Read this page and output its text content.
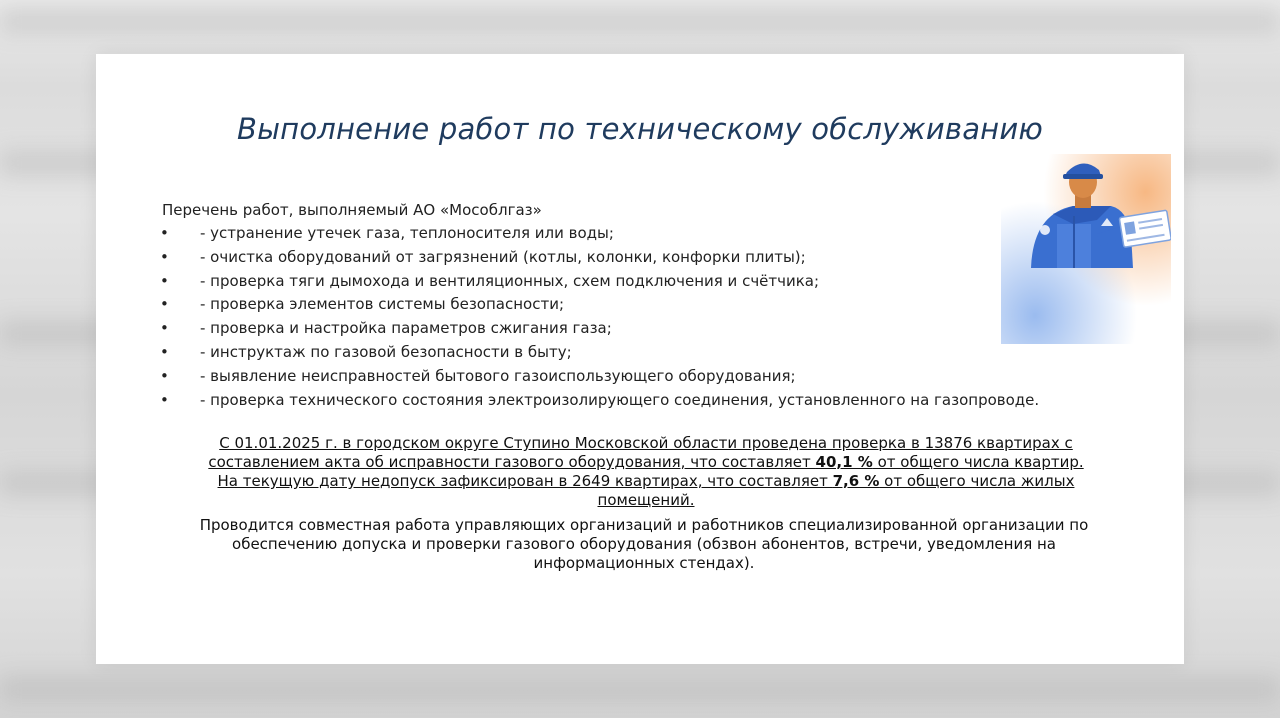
Выполнение работ по техническому обслуживанию
Перечень работ, выполняемый АО «Мособлгаз»
• - устранение утечек газа, теплоносителя или воды;
• - очистка оборудований от загрязнений (котлы, колонки, конфорки плиты);
• - проверка тяги дымохода и вентиляционных, схем подключения и счётчика;
• - проверка элементов системы безопасности;
• - проверка и настройка параметров сжигания газа;
• - инструктаж по газовой безопасности в быту;
• - выявление неисправностей бытового газоиспользующего оборудования;
• - проверка технического состояния электроизолирующего соединения, установленного на газопроводе.
С 01.01.2025 г. в городском округе Ступино Московской области проведена проверка в 13876 квартирах с
составлением акта об исправности газового оборудования, что составляет 40,1 % от общего числа квартир.
На текущую дату недопуск зафиксирован в 2649 квартирах, что составляет 7,6 % от общего числа жилых помещений.
Проводится совместная работа управляющих организаций и работников специализированной организации по обеспечению допуска и проверки газового оборудования (обзвон абонентов, встречи, уведомления на информационных стендах).
